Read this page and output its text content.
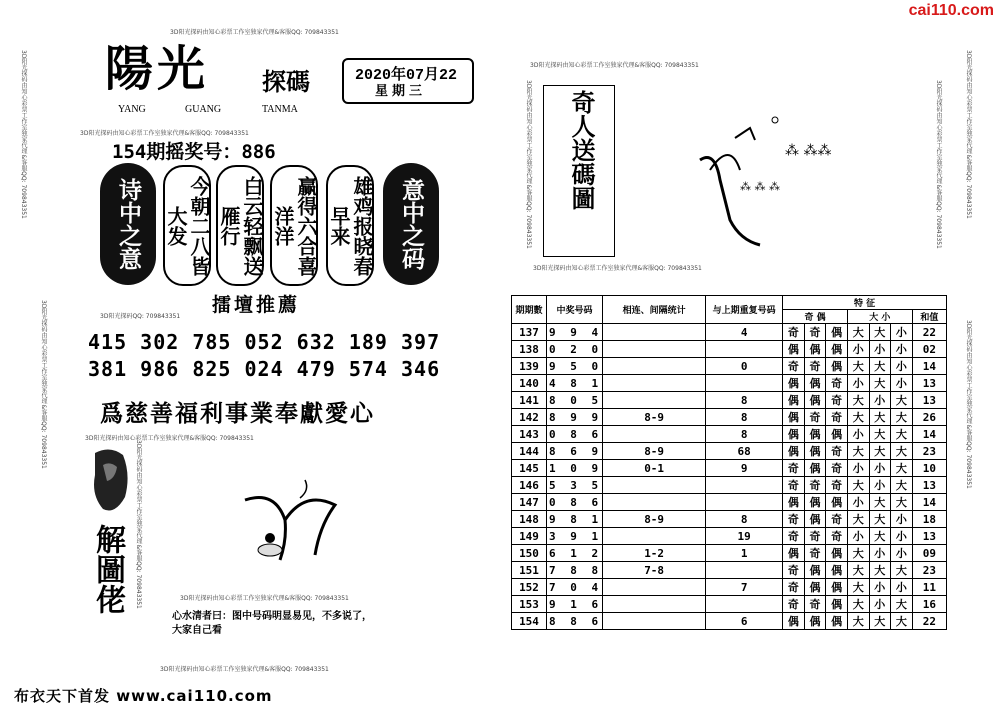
cai110.com
3D阳光探码由知心彩票工作室独家代理&客服QQ: 709843351
3D阳光探码由知心彩票工作室独家代理&客服QQ: 709843351
3D阳光探码由知心彩票工作室独家代理&客服QQ: 709843351
3D阳光探码由知心彩票工作室独家代理&客服QQ: 709843351
3D阳光探码QQ: 709843351
3D阳光探码由知心彩票工作室独家代理&客服QQ: 709843351
3D阳光探码由知心彩票工作室独家代理&客服QQ: 709843351
3D阳光探码由知心彩票工作室独家代理&客服QQ: 709843351
3D阳光探码由知心彩票工作室独家代理&客服QQ: 709843351	3D阳光探码由知心彩票工作室独家代理&客服QQ: 709843351
3D阳光探码由知心彩票工作室独家代理&客服QQ: 709843351
3D阳光探码由知心彩票工作室独家代理&客服QQ: 709843351
3D阳光探码由知心彩票工作室独家代理&客服QQ: 709843351
3D阳光探码由知心彩票工作室独家代理&客服QQ: 709843351
3D阳光探码由知心彩票工作室独家代理&客服QQ: 709843351
陽光 探碼
YANG	GUANG	TANMA
2020年07月22
星期三
154期摇奖号：886
诗中之意	今朝二八皆大发	白云轻飘送雁行	赢得六合喜洋洋	雄鸡报晓春早来	意中之码
擂壇推薦
415 302 785 052 632 189 397
381 986 825 024 479 574 346
爲慈善福利事業奉獻愛心
解圖佬
心水清者曰：图中号码明显易见，不多说了，
大家自己看
布衣天下首发 www.cai110.com
奇人送碼圖	⁂ ⁂⁂
⁂ ⁂ ⁂
期期數	中奖号码	相连、间隔统计	与上期重复号码	特 征						
				奇 偶			大 小			和值
137	9 9 4		4	奇	奇	偶	大	大	小	22
138	0 2 0			偶	偶	偶	小	小	小	02
139	9 5 0		0	奇	奇	偶	大	大	小	14
140	4 8 1			偶	偶	奇	小	大	小	13
141	8 0 5		8	偶	偶	奇	大	小	大	13
142	8 9 9	8-9	8	偶	奇	奇	大	大	大	26
143	0 8 6		8	偶	偶	偶	小	大	大	14
144	8 6 9	8-9	68	偶	偶	奇	大	大	大	23
145	1 0 9	0-1	9	奇	偶	奇	小	小	大	10
146	5 3 5			奇	奇	奇	大	小	大	13
147	0 8 6			偶	偶	偶	小	大	大	14
148	9 8 1	8-9	8	奇	偶	奇	大	大	小	18
149	3 9 1		19	奇	奇	奇	小	大	小	13
150	6 1 2	1-2	1	偶	奇	偶	大	小	小	09
151	7 8 8	7-8		奇	偶	偶	大	大	大	23
152	7 0 4		7	奇	偶	偶	大	小	小	11
153	9 1 6			奇	奇	偶	大	小	大	16
154	8 8 6		6	偶	偶	偶	大	大	大	22
